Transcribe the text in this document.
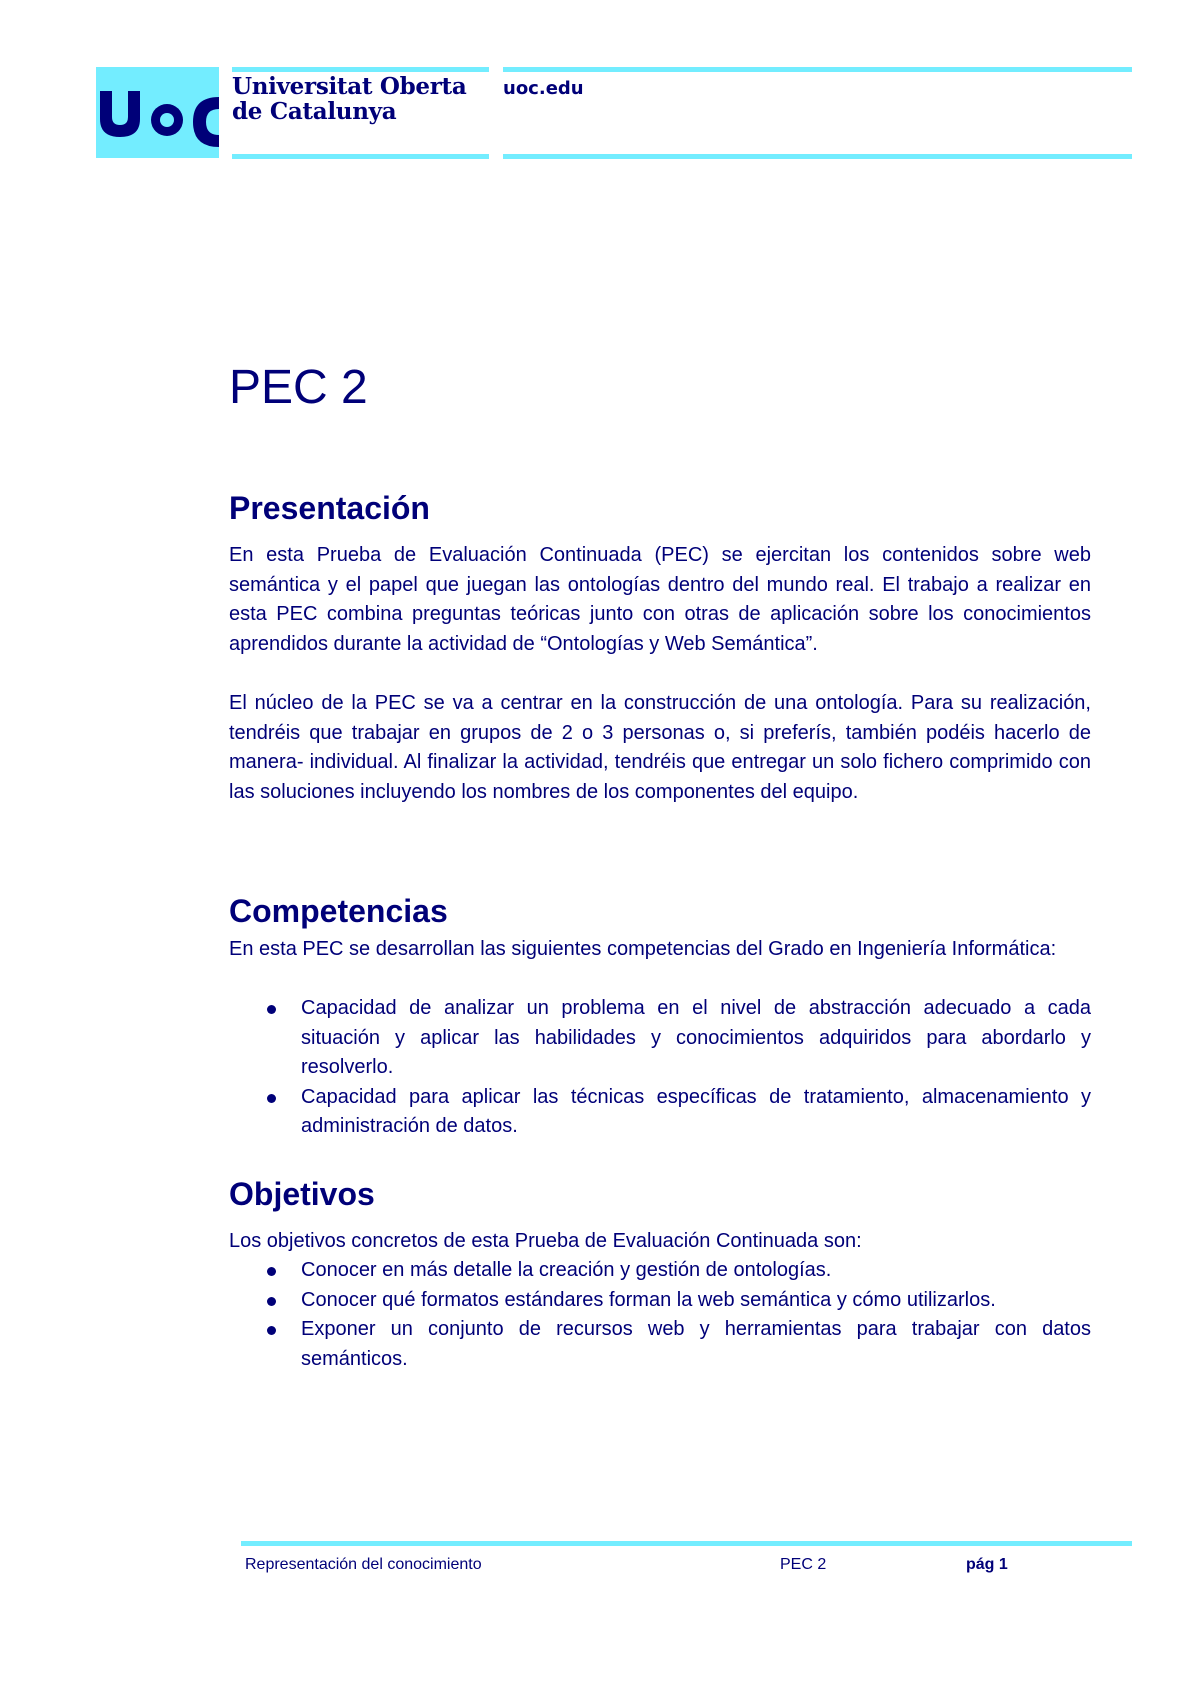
Universitat Oberta
de Catalunya
uoc.edu
PEC 2
Presentación

En esta Prueba de Evaluación Continuada (PEC) se ejercitan los contenidos sobre web semántica y el papel que juegan las ontologías dentro del mundo real. El trabajo a realizar en esta PEC combina preguntas teóricas junto con otras de aplicación sobre los conocimientos aprendidos durante la actividad de “Ontologías y Web Semántica”.

El núcleo de la PEC se va a centrar en la construcción de una ontología. Para su realización, tendréis que trabajar en grupos de 2 o 3 personas o, si preferís, también podéis hacerlo de manera- individual. Al finalizar la actividad, tendréis que entregar un solo fichero comprimido con las soluciones incluyendo los nombres de los componentes del equipo.

Competencias

En esta PEC se desarrollan las siguientes competencias del Grado en Ingeniería Informática:

Capacidad de analizar un problema en el nivel de abstracción adecuado a cada situación y aplicar las habilidades y conocimientos adquiridos para abordarlo y resolverlo.
Capacidad para aplicar las técnicas específicas de tratamiento, almacenamiento y administración de datos.
Objetivos

Los objetivos concretos de esta Prueba de Evaluación Continuada son:

Conocer en más detalle la creación y gestión de ontologías.
Conocer qué formatos estándares forman la web semántica y cómo utilizarlos.
Exponer un conjunto de recursos web y herramientas para trabajar con datos semánticos.
Representación del conocimiento	PEC 2	pág 1
